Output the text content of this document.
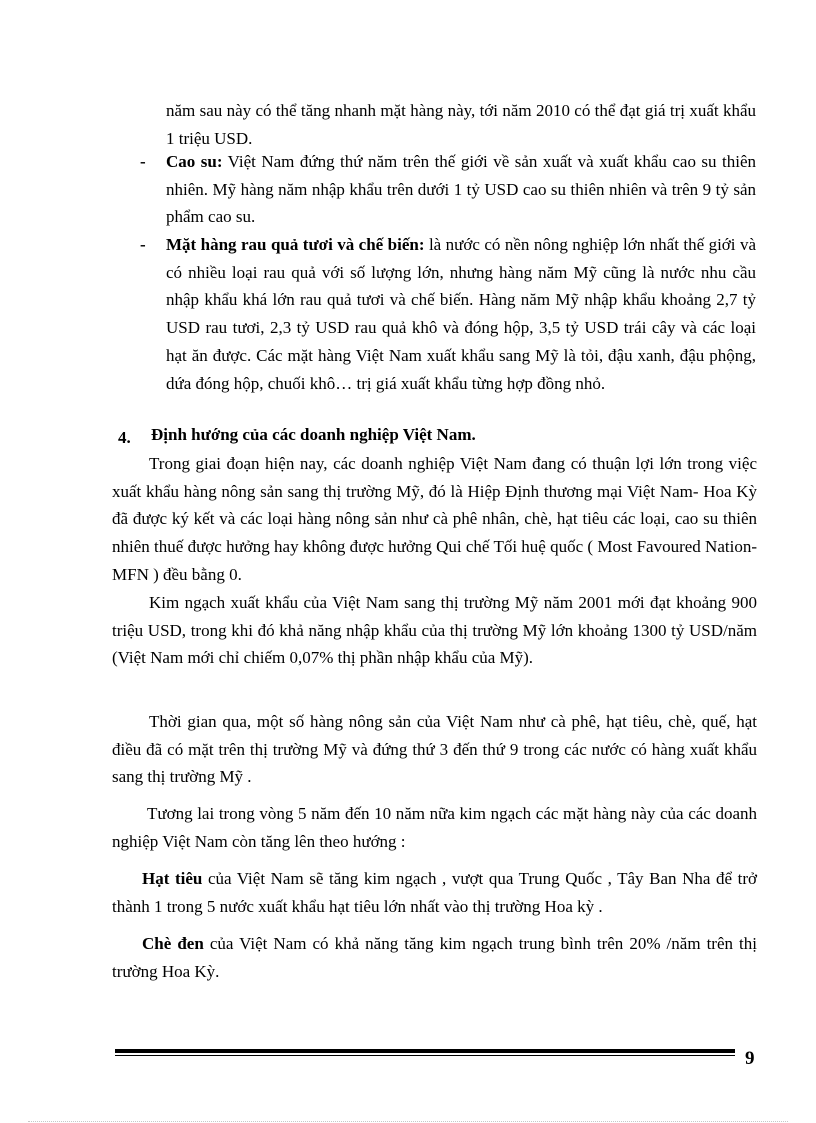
năm sau này có thể tăng nhanh mặt hàng này, tới năm 2010 có thể đạt giá trị xuất khẩu 1 triệu USD.

- Cao su: Việt Nam đứng thứ năm trên thế giới về sản xuất và xuất khẩu cao su thiên nhiên. Mỹ hàng năm nhập khẩu trên dưới 1 tỷ USD cao su thiên nhiên và trên 9 tỷ sản phẩm cao su.

- Mặt hàng rau quả tươi và chế biến: là nước có nền nông nghiệp lớn nhất thế giới và có nhiều loại rau quả với số lượng lớn, nhưng hàng năm Mỹ cũng là nước nhu cầu nhập khẩu khá lớn rau quả tươi và chế biến. Hàng năm Mỹ nhập khẩu khoảng 2,7 tỷ USD rau tươi, 2,3 tỷ USD rau quả khô và đóng hộp, 3,5 tỷ USD trái cây và các loại hạt ăn được. Các mặt hàng Việt Nam xuất khẩu sang Mỹ là tỏi, đậu xanh, đậu phộng, dứa đóng hộp, chuối khô… trị giá xuất khẩu từng hợp đồng nhỏ.

4. Định hướng của các doanh nghiệp Việt Nam.

Trong giai đoạn hiện nay, các doanh nghiệp Việt Nam đang có thuận lợi lớn trong việc xuất khẩu hàng nông sản sang thị trường Mỹ, đó là Hiệp Định thương mại Việt Nam- Hoa Kỳ đã được ký kết và các loại hàng nông sản như cà phê nhân, chè, hạt tiêu các loại, cao su thiên nhiên thuế được hưởng hay không được hưởng Qui chế Tối huệ quốc ( Most Favoured Nation- MFN ) đều bằng 0.

Kim ngạch xuất khẩu của Việt Nam sang thị trường Mỹ năm 2001 mới đạt khoảng 900 triệu USD, trong khi đó khả năng nhập khẩu của thị trường Mỹ lớn khoảng 1300 tỷ USD/năm (Việt Nam mới chỉ chiếm 0,07% thị phần nhập khẩu của Mỹ).

Thời gian qua, một số hàng nông sản của Việt Nam như cà phê, hạt tiêu, chè, quế, hạt điều đã có mặt trên thị trường Mỹ và đứng thứ 3 đến thứ 9 trong các nước có hàng xuất khẩu sang thị trường Mỹ .

Tương lai trong vòng 5 năm đến 10 năm nữa kim ngạch các mặt hàng này của các doanh nghiệp Việt Nam còn tăng lên theo hướng :

Hạt tiêu của Việt Nam sẽ tăng kim ngạch , vượt qua Trung Quốc , Tây Ban Nha để trở thành 1 trong 5 nước xuất khẩu hạt tiêu lớn nhất vào thị trường Hoa kỳ .

Chè đen của Việt Nam có khả năng tăng kim ngạch trung bình trên 20% /năm trên thị trường Hoa Kỳ.

9
